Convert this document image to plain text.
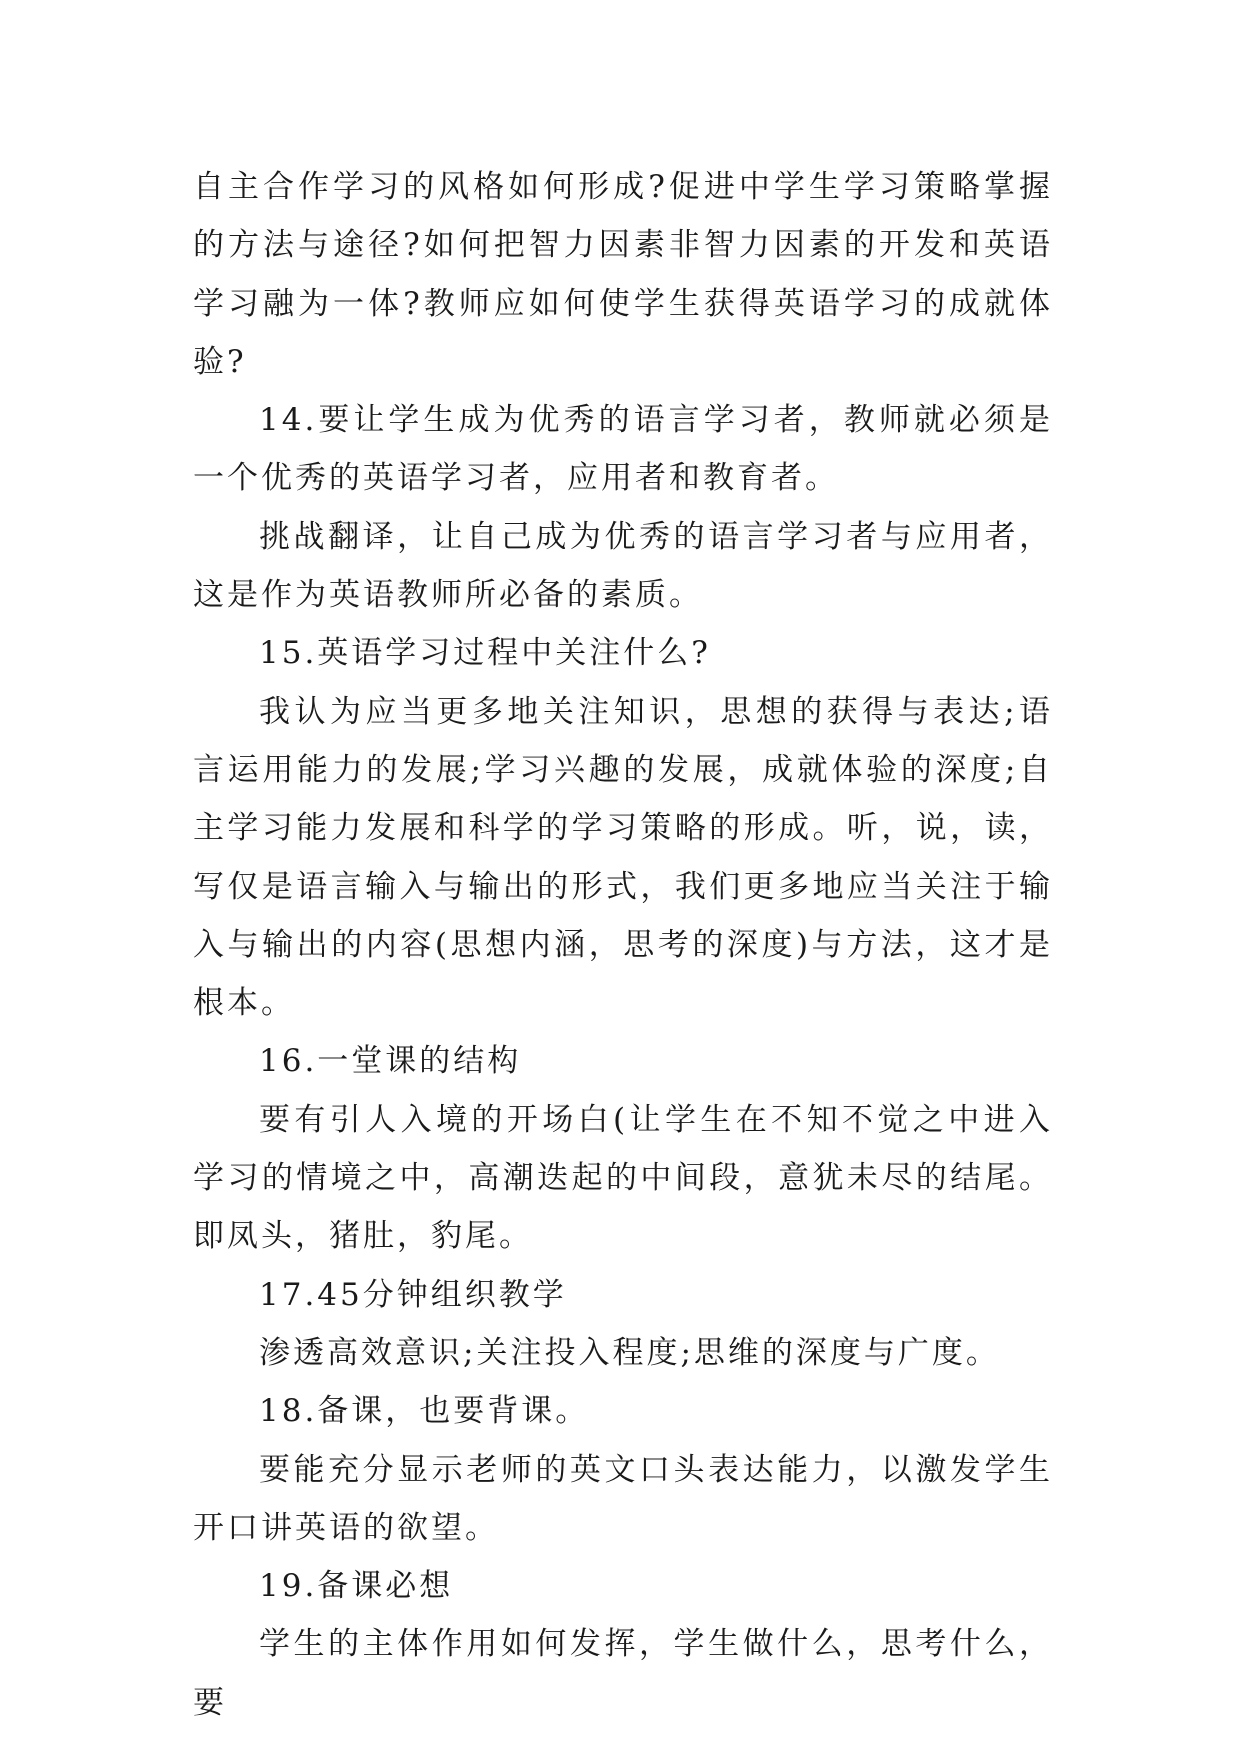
自主合作学习的风格如何形成?促进中学生学习策略掌握的方法与途径?如何把智力因素非智力因素的开发和英语学习融为一体?教师应如何使学生获得英语学习的成就体验?

14.要让学生成为优秀的语言学习者，教师就必须是一个优秀的英语学习者，应用者和教育者。

挑战翻译，让自己成为优秀的语言学习者与应用者，这是作为英语教师所必备的素质。

15.英语学习过程中关注什么?

我认为应当更多地关注知识，思想的获得与表达;语言运用能力的发展;学习兴趣的发展，成就体验的深度;自主学习能力发展和科学的学习策略的形成。听，说，读，写仅是语言输入与输出的形式，我们更多地应当关注于输入与输出的内容(思想内涵，思考的深度)与方法，这才是根本。

16.一堂课的结构

要有引人入境的开场白(让学生在不知不觉之中进入学习的情境之中，高潮迭起的中间段，意犹未尽的结尾。即凤头，猪肚，豹尾。

17.45分钟组织教学

渗透高效意识;关注投入程度;思维的深度与广度。

18.备课，也要背课。

要能充分显示老师的英文口头表达能力，以激发学生开口讲英语的欲望。

19.备课必想

学生的主体作用如何发挥，学生做什么，思考什么，要
